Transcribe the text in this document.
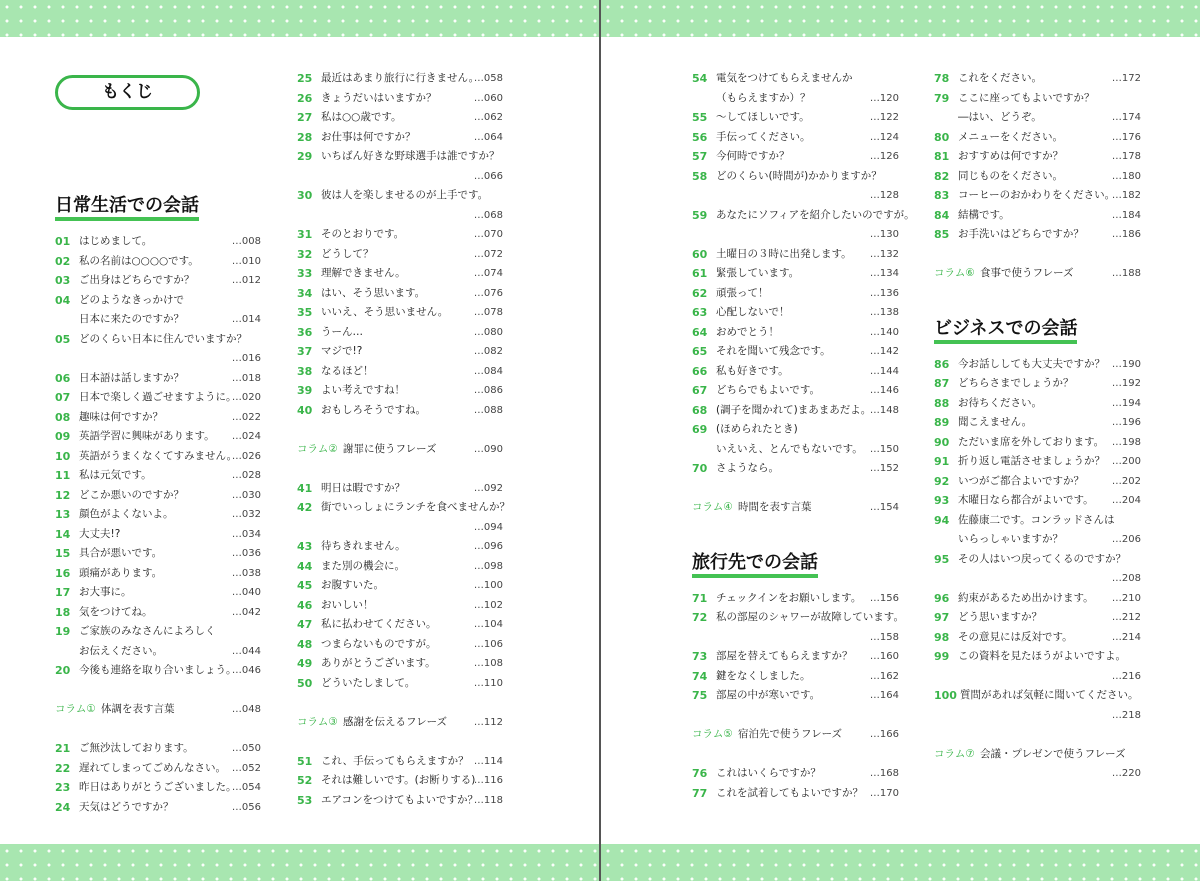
もくじ
日常生活での会話
01 はじめまして。	…008
02 私の名前は○○○○です。	…010
03 ご出身はどちらですか？	…012
04 どのようなきっかけで
日本に来たのですか？	…014
05 どのくらい日本に住んでいますか？
…016
06 日本語は話しますか？	…018
07 日本で楽しく過ごせますように。
…020
08 趣味は何ですか？	…022
09 英語学習に興味があります。 …024
10 英語がうまくなくてすみません。
…026
11 私は元気です。	…028
12 どこか悪いのですか？	…030
13 顔色がよくないよ。	…032
14 大丈夫!?	…034
15 具合が悪いです。	…036
16 頭痛があります。	…038
17 お大事に。	…040
18 気をつけてね。	…042
19 ご家族のみなさんによろしく
お伝えください。	…044
20 今後も連絡を取り合いましょう。
…046
コラム① 体調を表す言葉	…048
21 ご無沙汰しております。	…050
22 遅れてしまってごめんなさい。 …052
23 昨日はありがとうございました。
…054
24 天気はどうですか？	…056
25 最近はあまり旅行に行きません。
…058
26 きょうだいはいますか？	…060
27 私は○○歳です。	…062
28 お仕事は何ですか？	…064
29 いちばん好きな野球選手は誰ですか？
…066
30 彼は人を楽しませるのが上手です。
…068
31 そのとおりです。	…070
32 どうして？	…072
33 理解できません。	…074
34 はい、そう思います。	…076
35 いいえ、そう思いません。	…078
36 うーん…	…080
37 マジで!?	…082
38 なるほど！	…084
39 よい考えですね！	…086
40 おもしろそうですね。	…088
コラム② 謝罪に使うフレーズ	…090
41 明日は暇ですか？	…092
42 街でいっしょにランチを食べませんか？
…094
43 待ちきれません。	…096
44 また別の機会に。	…098
45 お腹すいた。	…100
46 おいしい！	…102
47 私に払わせてください。	…104
48 つまらないものですが。	…106
49 ありがとうございます。	…108
50 どういたしまして。	…110
コラム③ 感謝を伝えるフレーズ	…112
51 これ、手伝ってもらえますか？ …114
52 それは難しいです。(お断りする)
…116
53 エアコンをつけてもよいですか？
…118
54 電気をつけてもらえませんか
（もらえますか）？	…120
55 ～してほしいです。	…122
56 手伝ってください。	…124
57 今何時ですか？	…126
58 どのくらい(時間が)かかりますか？
…128
59 あなたにソフィアを紹介したいのですが。
…130
60 土曜日の３時に出発します。 …132
61 緊張しています。	…134
62 頑張って！	…136
63 心配しないで！	…138
64 おめでとう！	…140
65 それを聞いて残念です。	…142
66 私も好きです。	…144
67 どちらでもよいです。	…146
68 (調子を聞かれて)まあまあだよ。
…148
69 (ほめられたとき)
いえいえ、とんでもないです。 …150
70 さようなら。	…152
コラム④ 時間を表す言葉	…154
旅行先での会話
71 チェックインをお願いします。 …156
72 私の部屋のシャワーが故障しています。
…158
73 部屋を替えてもらえますか？ …160
74 鍵をなくしました。	…162
75 部屋の中が寒いです。	…164
コラム⑤ 宿泊先で使うフレーズ	…166
76 これはいくらですか？	…168
77 これを試着してもよいですか？ …170
78 これをください。	…172
79 ここに座ってもよいですか？
―はい、どうぞ。	…174
80 メニューをください。	…176
81 おすすめは何ですか？	…178
82 同じものをください。	…180
83 コーヒーのおかわりをください。
…182
84 結構です。	…184
85 お手洗いはどちらですか？	…186
コラム⑥ 食事で使うフレーズ	…188
ビジネスでの会話
86 今お話ししても大丈夫ですか？ …190
87 どちらさまでしょうか？	…192
88 お待ちください。	…194
89 聞こえません。	…196
90 ただいま席を外しております。 …198
91 折り返し電話させましょうか？ …200
92 いつがご都合よいですか？	…202
93 木曜日なら都合がよいです。 …204
94 佐藤康二です。コンラッドさんは
いらっしゃいますか？	…206
95 その人はいつ戻ってくるのですか？
…208
96 約束があるため出かけます。 …210
97 どう思いますか？	…212
98 その意見には反対です。	…214
99 この資料を見たほうがよいですよ。
…216
100 質問があれば気軽に聞いてください。
…218
コラム⑦ 会議・プレゼンで使うフレーズ
…220
